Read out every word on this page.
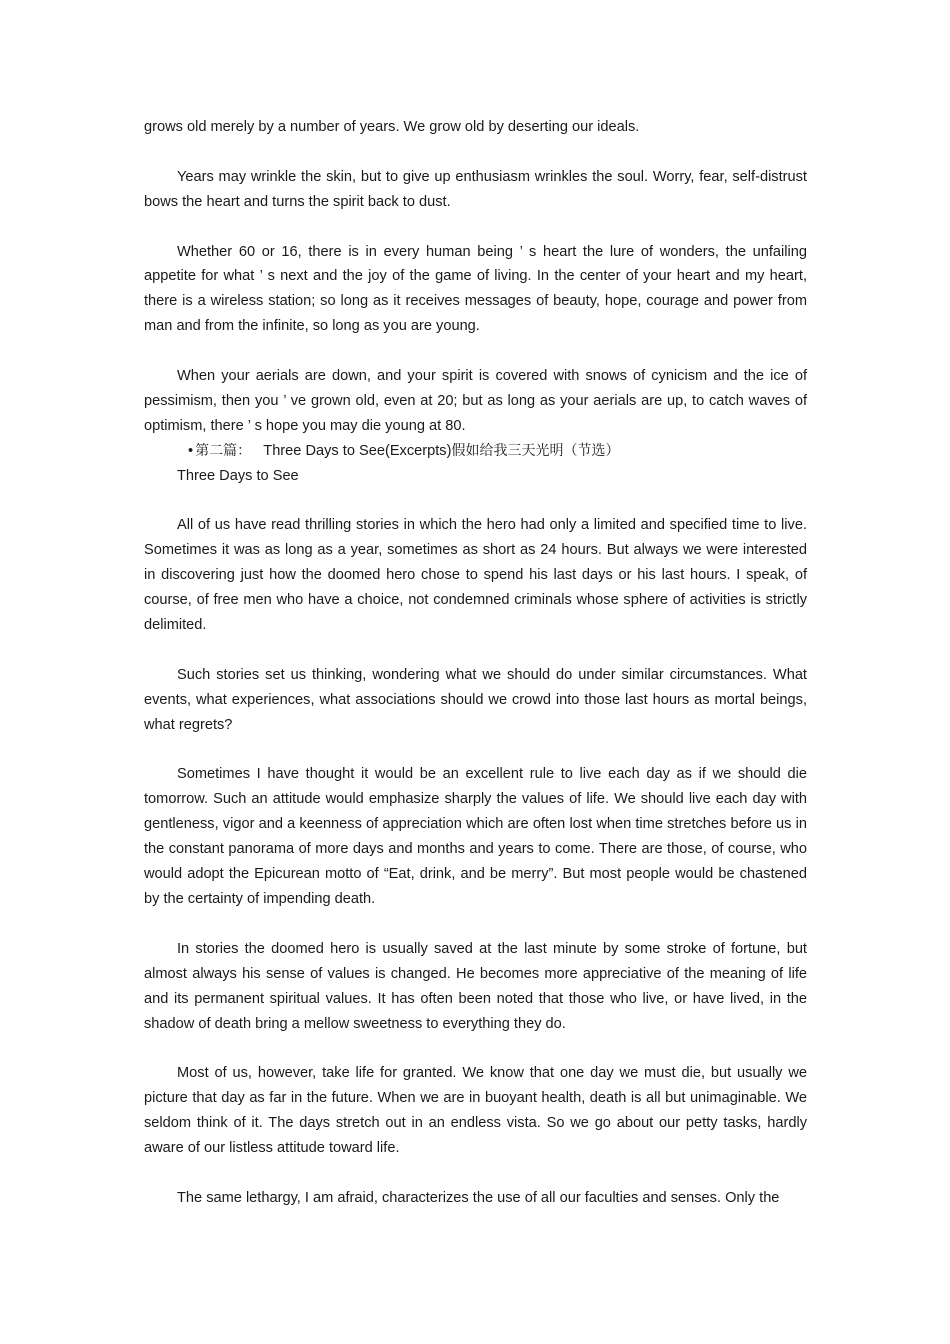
grows old merely by a number of years. We grow old by deserting our ideals.

Years may wrinkle the skin, but to give up enthusiasm wrinkles the soul. Worry, fear, self-distrust bows the heart and turns the spirit back to dust.

Whether 60 or 16, there is in every human being ’ s heart the lure of wonders, the unfailing appetite for what ’ s next and the joy of the game of living. In the center of your heart and my heart, there is a wireless station; so long as it receives messages of beauty, hope, courage and power from man and from the infinite, so long as you are young.

When your aerials are down, and your spirit is covered with snows of cynicism and the ice of pessimism, then you ’ ve grown old, even at 20; but as long as your aerials are up, to catch waves of optimism, there ’ s hope you may die young at 80.

• 第二篇： Three Days to See(Excerpts)假如给我三天光明（节选）

Three Days to See

All of us have read thrilling stories in which the hero had only a limited and specified time to live. Sometimes it was as long as a year, sometimes as short as 24 hours. But always we were interested in discovering just how the doomed hero chose to spend his last days or his last hours. I speak, of course, of free men who have a choice, not condemned criminals whose sphere of activities is strictly delimited.

Such stories set us thinking, wondering what we should do under similar circumstances. What events, what experiences, what associations should we crowd into those last hours as mortal beings, what regrets?

Sometimes I have thought it would be an excellent rule to live each day as if we should die tomorrow. Such an attitude would emphasize sharply the values of life. We should live each day with gentleness, vigor and a keenness of appreciation which are often lost when time stretches before us in the constant panorama of more days and months and years to come. There are those, of course, who would adopt the Epicurean motto of “Eat, drink, and be merry”. But most people would be chastened by the certainty of impending death.

In stories the doomed hero is usually saved at the last minute by some stroke of fortune, but almost always his sense of values is changed. He becomes more appreciative of the meaning of life and its permanent spiritual values. It has often been noted that those who live, or have lived, in the shadow of death bring a mellow sweetness to everything they do.

Most of us, however, take life for granted. We know that one day we must die, but usually we picture that day as far in the future. When we are in buoyant health, death is all but unimaginable. We seldom think of it. The days stretch out in an endless vista. So we go about our petty tasks, hardly aware of our listless attitude toward life.

The same lethargy, I am afraid, characterizes the use of all our faculties and senses. Only the
